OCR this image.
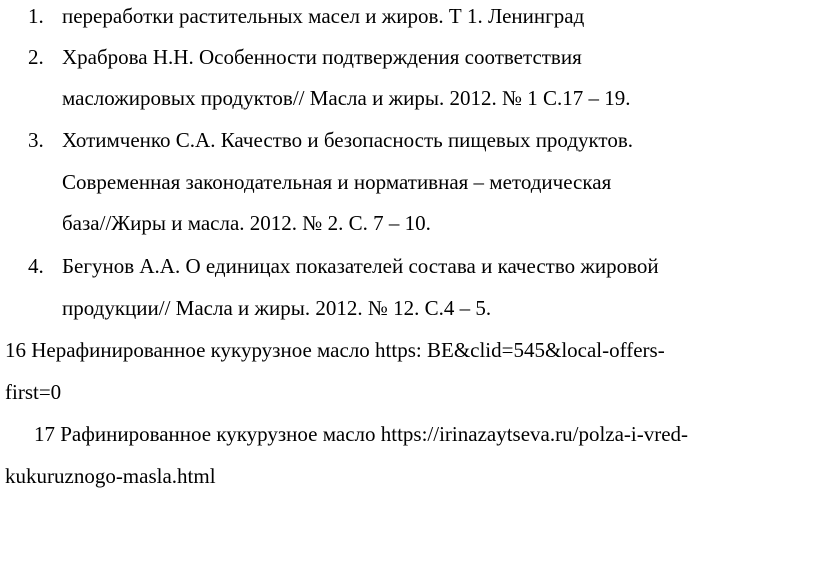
1. переработки растительных масел и жиров. Т 1. Ленинград
2. Храброва Н.Н. Особенности подтверждения соответствия
масложировых продуктов// Масла и жиры. 2012. № 1 С.17 – 19.
3. Хотимченко С.А. Качество и безопасность пищевых продуктов.
Современная законодательная и нормативная – методическая
база//Жиры и масла. 2012. № 2. С. 7 – 10.
4. Бегунов А.А. О единицах показателей состава и качество жировой
продукции// Масла и жиры. 2012. № 12. С.4 – 5.
16 Нерафинированное кукурузное масло https: BE&clid=545&local-offers-
first=0
17 Рафинированное кукурузное масло https://irinazaytseva.ru/polza-i-vred-
kukuruznogo-masla.html
